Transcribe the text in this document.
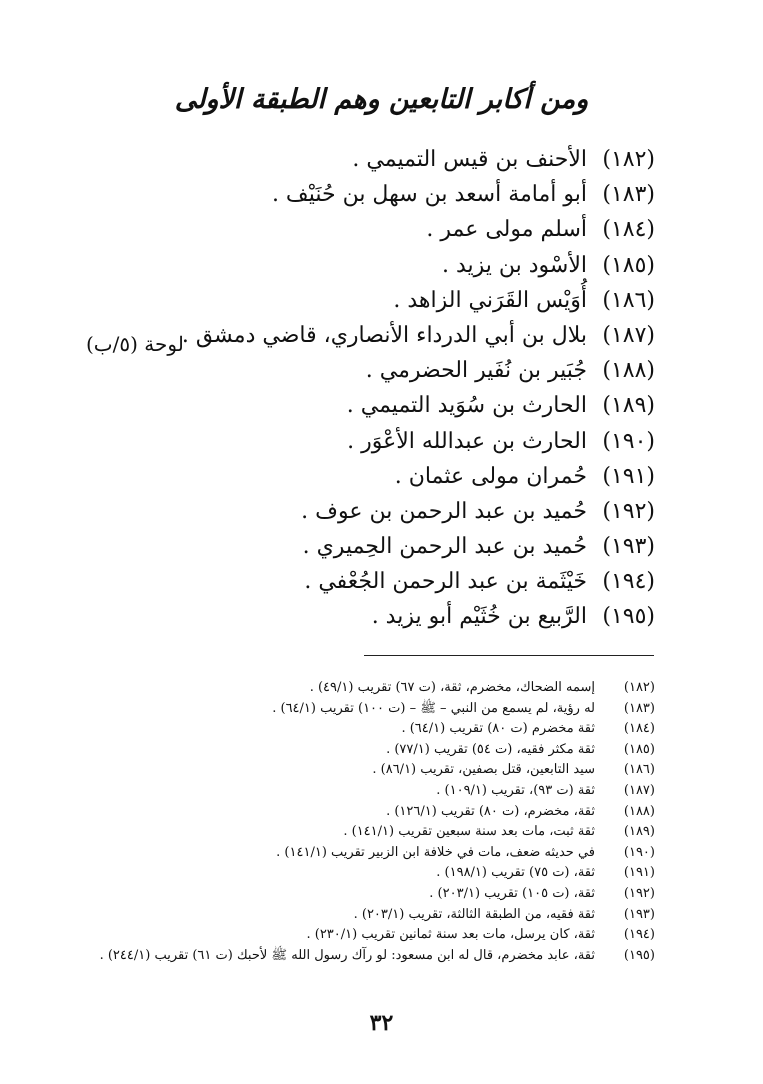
ومن أكابر التابعين وهم الطبقة الأولى
(١٨٢)
الأحنف بن قيس التميمي .
(١٨٣)
أبو أمامة أسعد بن سهل بن حُنَيْف .
(١٨٤)
أسلم مولى عمر .
(١٨٥)
الأسْود بن يزيد .
(١٨٦)
أُوَيْس القَرَني الزاهد .
(١٨٧)
بلال بن أبي الدرداء الأنصاري، قاضي دمشق .
(١٨٨)
جُبَير بن نُفَير الحضرمي .
(١٨٩)
الحارث بن سُوَيد التميمي .
(١٩٠)
الحارث بن عبدالله الأعْوَر .
(١٩١)
حُمران مولى عثمان .
(١٩٢)
حُميد بن عبد الرحمن بن عوف .
(١٩٣)
حُميد بن عبد الرحمن الحِميري .
(١٩٤)
خَيْثَمة بن عبد الرحمن الجُعْفي .
(١٩٥)
الرَّبيع بن خُثَيْم أبو يزيد .
لوحة (٥/ب)
(١٨٢)
إسمه الضحاك، مخضرم، ثقة، (ت ٦٧) تقريب (٤٩/١) .
(١٨٣)
له رؤية، لم يسمع من النبي – ﷺ – (ت ١٠٠) تقريب (٦٤/١) .
(١٨٤)
ثقة مخضرم (ت ٨٠) تقريب (٦٤/١) .
(١٨٥)
ثقة مكثر فقيه، (ت ٥٤) تقريب (٧٧/١) .
(١٨٦)
سيد التابعين، قتل بصفين، تقريب (٨٦/١) .
(١٨٧)
ثقة (ت ٩٣)، تقريب (١٠٩/١) .
(١٨٨)
ثقة، مخضرم، (ت ٨٠) تقريب (١٢٦/١) .
(١٨٩)
ثقة ثبت، مات بعد سنة سبعين تقريب (١٤١/١) .
(١٩٠)
في حديثه ضعف، مات في خلافة ابن الزبير تقريب (١٤١/١) .
(١٩١)
ثقة، (ت ٧٥) تقريب (١٩٨/١) .
(١٩٢)
ثقة، (ت ١٠٥) تقريب (٢٠٣/١) .
(١٩٣)
ثقة فقيه، من الطبقة الثالثة، تقريب (٢٠٣/١) .
(١٩٤)
ثقة، كان يرسل، مات بعد سنة ثمانين تقريب (٢٣٠/١) .
(١٩٥)
ثقة، عابد مخضرم، قال له ابن مسعود: لو رآك رسول الله ﷺ لأحبك (ت ٦١) تقريب (٢٤٤/١) .
٣٢
